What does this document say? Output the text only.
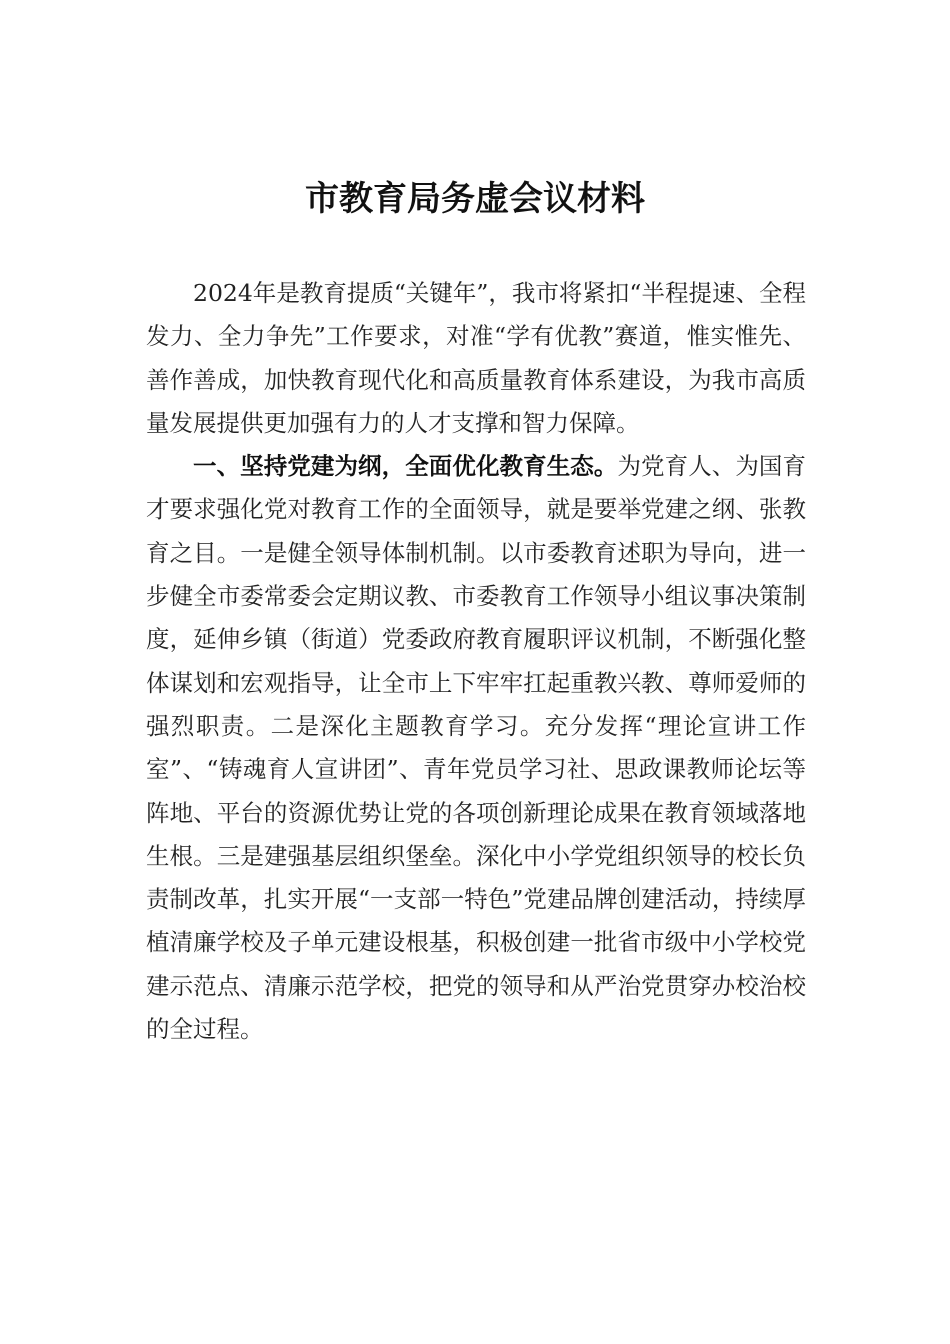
市教育局务虚会议材料

2024年是教育提质“关键年”，我市将紧扣“半程提速、全程发力、全力争先”工作要求，对准“学有优教”赛道，惟实惟先、善作善成，加快教育现代化和高质量教育体系建设，为我市高质量发展提供更加强有力的人才支撑和智力保障。

一、坚持党建为纲，全面优化教育生态。为党育人、为国育才要求强化党对教育工作的全面领导，就是要举党建之纲、张教育之目。一是健全领导体制机制。以市委教育述职为导向，进一步健全市委常委会定期议教、市委教育工作领导小组议事决策制度，延伸乡镇（街道）党委政府教育履职评议机制，不断强化整体谋划和宏观指导，让全市上下牢牢扛起重教兴教、尊师爱师的强烈职责。二是深化主题教育学习。充分发挥“理论宣讲工作室”、“铸魂育人宣讲团”、青年党员学习社、思政课教师论坛等阵地、平台的资源优势让党的各项创新理论成果在教育领域落地生根。三是建强基层组织堡垒。深化中小学党组织领导的校长负责制改革，扎实开展“一支部一特色”党建品牌创建活动，持续厚植清廉学校及子单元建设根基，积极创建一批省市级中小学校党建示范点、清廉示范学校，把党的领导和从严治党贯穿办校治校的全过程。
